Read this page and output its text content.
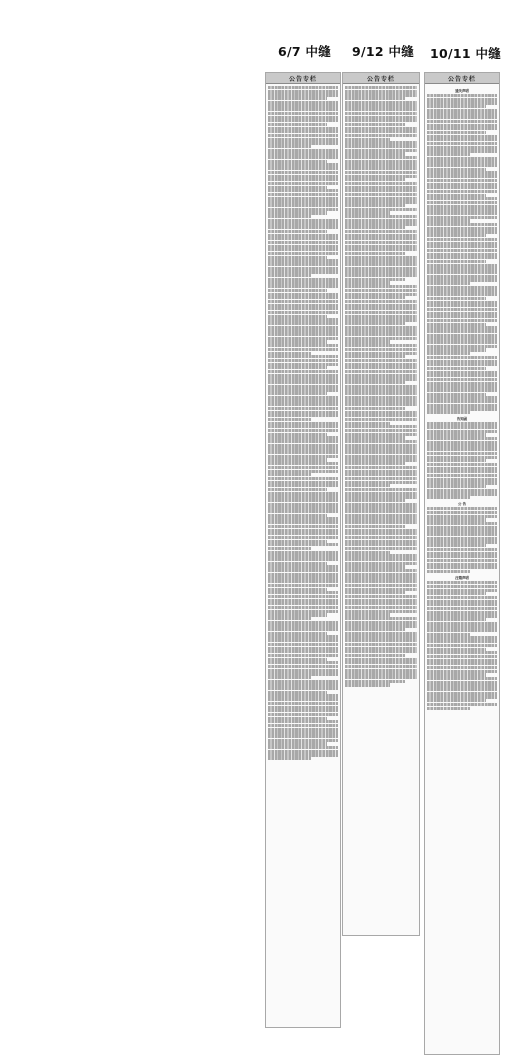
6/7 中缝 9/12 中缝 10/11 中缝
公告专栏	公告专栏	公告专栏
遗失声明
告知函
公 告
注销声明
